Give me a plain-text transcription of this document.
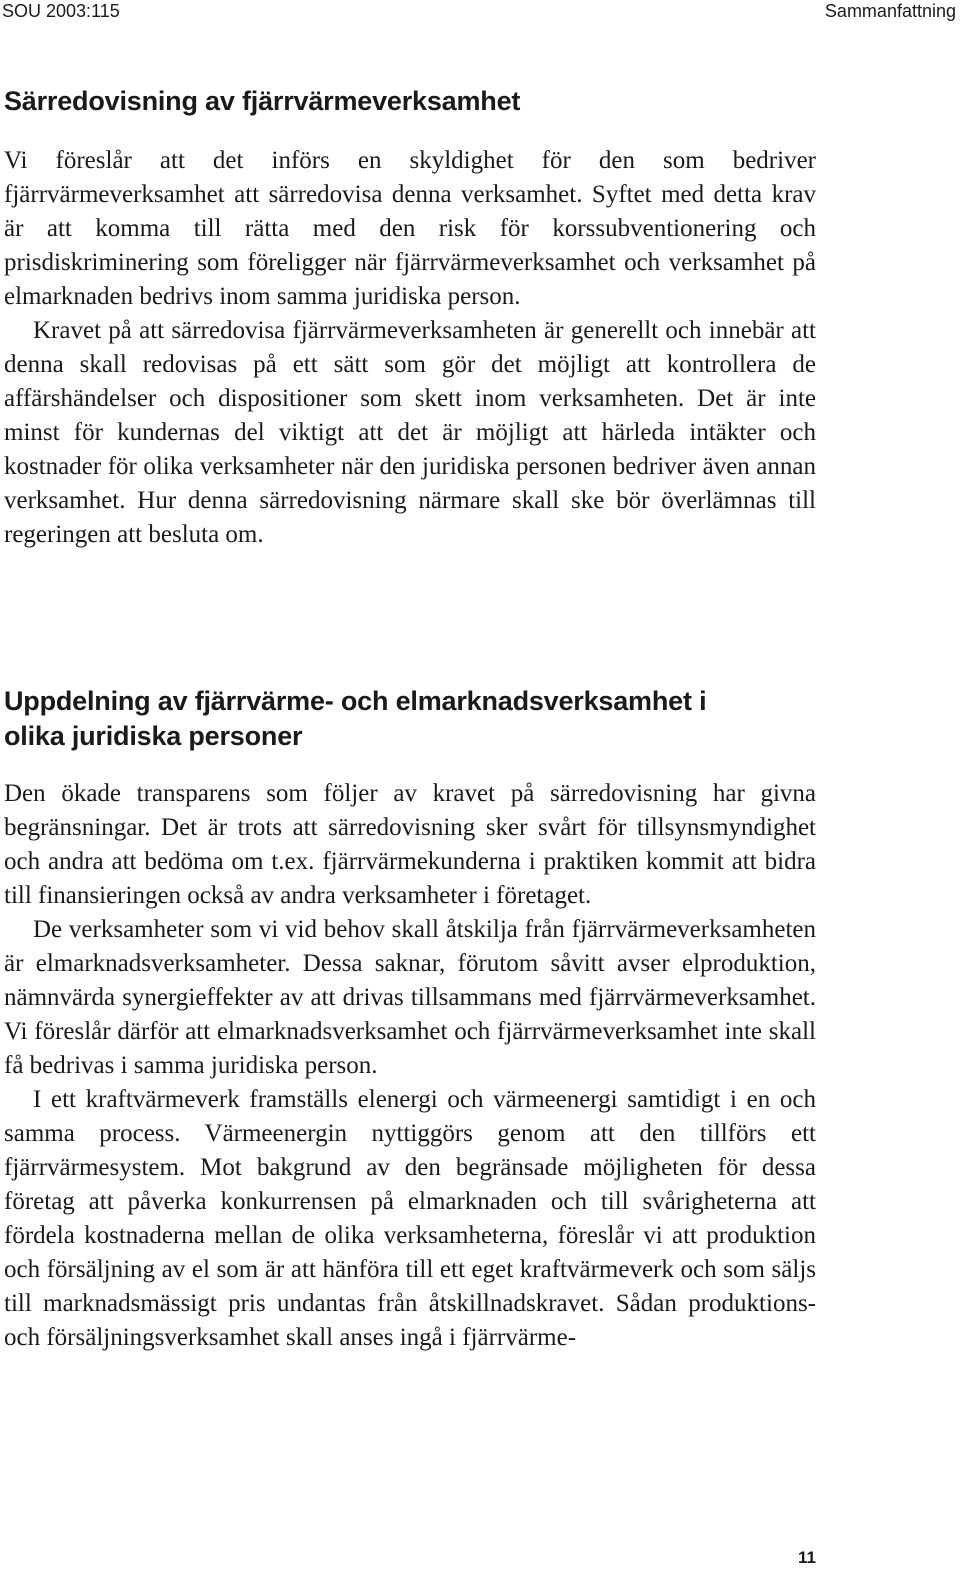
SOU 2003:115	Sammanfattning
Särredovisning av fjärrvärmeverksamhet

Vi föreslår att det införs en skyldighet för den som bedriver fjärrvärmeverksamhet att särredovisa denna verksamhet. Syftet med detta krav är att komma till rätta med den risk för korssubventionering och prisdiskriminering som föreligger när fjärrvärmeverksamhet och verksamhet på elmarknaden bedrivs inom samma juridiska person.

Kravet på att särredovisa fjärrvärmeverksamheten är generellt och innebär att denna skall redovisas på ett sätt som gör det möjligt att kontrollera de affärshändelser och dispositioner som skett inom verksamheten. Det är inte minst för kundernas del viktigt att det är möjligt att härleda intäkter och kostnader för olika verksamheter när den juridiska personen bedriver även annan verksamhet. Hur denna särredovisning närmare skall ske bör överlämnas till regeringen att besluta om.

Uppdelning av fjärrvärme- och elmarknadsverksamhet i
olika juridiska personer

Den ökade transparens som följer av kravet på särredovisning har givna begränsningar. Det är trots att särredovisning sker svårt för tillsynsmyndighet och andra att bedöma om t.ex. fjärrvärmekunderna i praktiken kommit att bidra till finansieringen också av andra verksamheter i företaget.

De verksamheter som vi vid behov skall åtskilja från fjärrvärmeverksamheten är elmarknadsverksamheter. Dessa saknar, förutom såvitt avser elproduktion, nämnvärda synergieffekter av att drivas tillsammans med fjärrvärmeverksamhet. Vi föreslår därför att elmarknadsverksamhet och fjärrvärmeverksamhet inte skall få bedrivas i samma juridiska person.

I ett kraftvärmeverk framställs elenergi och värmeenergi samtidigt i en och samma process. Värmeenergin nyttiggörs genom att den tillförs ett fjärrvärmesystem. Mot bakgrund av den begränsade möjligheten för dessa företag att påverka konkurrensen på elmarknaden och till svårigheterna att fördela kostnaderna mellan de olika verksamheterna, föreslår vi att produktion och försäljning av el som är att hänföra till ett eget kraftvärmeverk och som säljs till marknadsmässigt pris undantas från åtskillnadskravet. Sådan produktions- och försäljningsverksamhet skall anses ingå i fjärrvärme-

11
